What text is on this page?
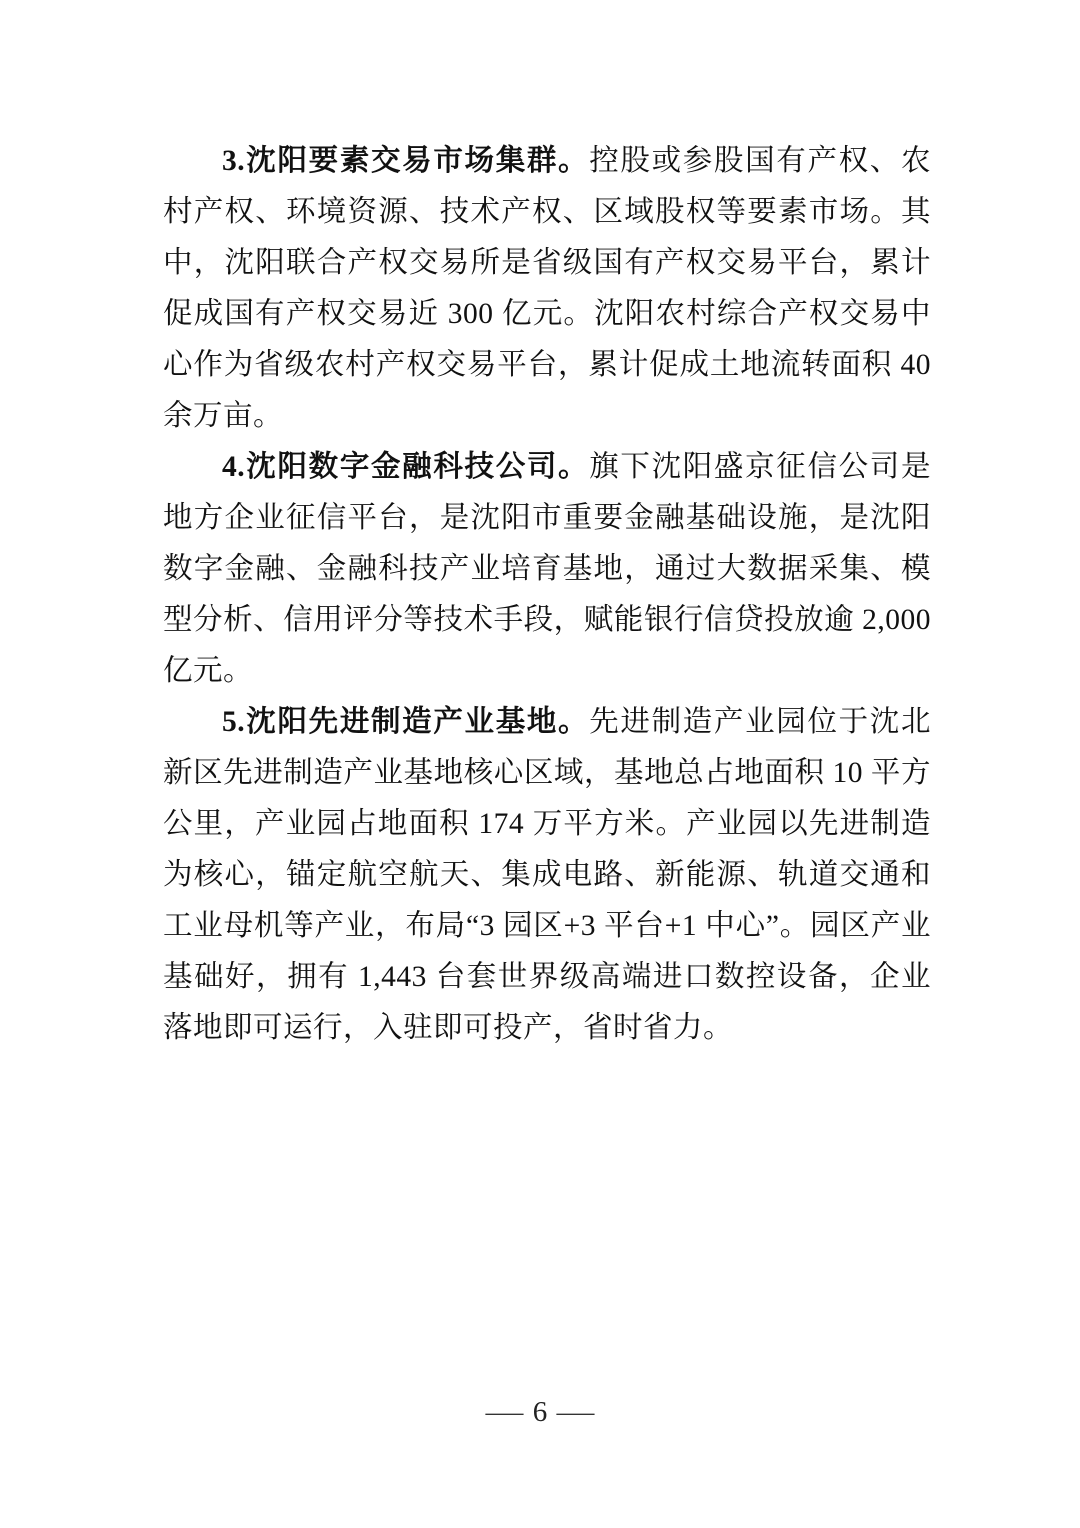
3.沈阳要素交易市场集群。控股或参股国有产权、农村产权、环境资源、技术产权、区域股权等要素市场。其中，沈阳联合产权交易所是省级国有产权交易平台，累计促成国有产权交易近 300 亿元。沈阳农村综合产权交易中心作为省级农村产权交易平台，累计促成土地流转面积 40 余万亩。

4.沈阳数字金融科技公司。旗下沈阳盛京征信公司是地方企业征信平台，是沈阳市重要金融基础设施，是沈阳数字金融、金融科技产业培育基地，通过大数据采集、模型分析、信用评分等技术手段，赋能银行信贷投放逾 2,000 亿元。

5.沈阳先进制造产业基地。先进制造产业园位于沈北新区先进制造产业基地核心区域，基地总占地面积 10 平方公里，产业园占地面积 174 万平方米。产业园以先进制造为核心，锚定航空航天、集成电路、新能源、轨道交通和工业母机等产业，布局“3 园区+3 平台+1 中心”。园区产业基础好，拥有 1,443 台套世界级高端进口数控设备，企业落地即可运行，入驻即可投产，省时省力。

— 6 —
